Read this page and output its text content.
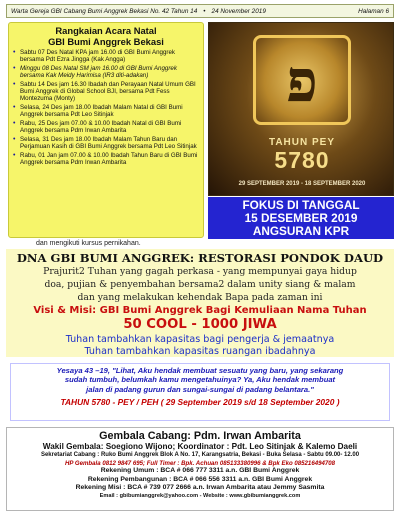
Warta Gereja GBI Cabang Bumi Anggrek Bekasi No. 42 Tahun 14 • 24 November 2019	Halaman 6
Rangkaian Acara Natal
GBI Bumi Anggrek Bekasi
• Sabtu 07 Des Natal KPA jam 16.00 di GBI Bumi Anggrek bersama Pdt Ezra Jingga (Kak Angga)
• Minggu 08 Des Natal SM jam 16.00 di GBI Bumi Anggrek bersama Kak Meidy Harimisa (IR3 diti-adakan)
• Sabtu 14 Des jam 16.30 Ibadah dan Perayaan Natal Umum GBI Bumi Anggrek di Global School BJI, bersama Pdt Fess Montezuma (Monty)
• Selasa, 24 Des jam 18.00 Ibadah Malam Natal di GBI Bumi Anggrek bersama Pdt Leo Sitinjak
• Rabu, 25 Des jam 07.00 & 10.00 Ibadah Natal di GBI Bumi Anggrek bersama Pdm Irwan Ambarita
• Selasa, 31 Des jam 18.00 Ibadah Malam Tahun Baru dan Perjamuan Kasih di GBI Bumi Anggrek bersama Pdt Leo Sitinjak
• Rabu, 01 Jan jam 07.00 & 10.00 Ibadah Tahun Baru di GBI Bumi Anggrek bersama Pdm Irwan Ambarita
פ
TAHUN PEY
5780
29 SEPTEMBER 2019 - 18 SEPTEMBER 2020
FOKUS DI TANGGAL
15 DESEMBER 2019
ANGSURAN KPR
dan mengikuti kursus pernikahan.
DNA GBI BUMI ANGGREK: RESTORASI PONDOK DAUD
Prajurit2 Tuhan yang gagah perkasa - yang mempunyai gaya hidup
doa, pujian & penyembahan bersama2 dalam unity siang & malam
dan yang melakukan kehendak Bapa pada zaman ini
Visi & Misi: GBI Bumi Anggrek Bagi Kemuliaan Nama Tuhan
50 COOL - 1000 JIWA
Tuhan tambahkan kapasitas bagi pengerja & jemaatnya
Tuhan tambahkan kapasitas ruangan ibadahnya
Yesaya 43 –19, "Lihat, Aku hendak membuat sesuatu yang baru, yang sekarang
sudah tumbuh, belumkah kamu mengetahuinya? Ya, Aku hendak membuat
jalan di padang gurun dan sungai-sungai di padang belantara."
TAHUN 5780 - PEY / PEH ( 29 September 2019 s/d 18 September 2020 )
Gembala Cabang: Pdm. Irwan Ambarita
Wakil Gembala: Soegiono Wijono; Koordinator : Pdt. Leo Sitinjak & Kalemo Daeli
Sekretariat Cabang : Ruko Bumi Anggrek Blok A No. 17, Karangsatria, Bekasi - Buka Selasa - Sabtu 09.00- 12.00
HP Gembala 0812 9847 695; Full Timer : Bpk. Achuan 085133380996 & Bpk Eko 085216494708
Rekening Umum : BCA # 066 777 3311 a.n. GBI Bumi Anggrek
Rekening Pembangunan : BCA # 066 556 3311 a.n. GBI Bumi Anggrek
Rekening Misi : BCA # 739 077 2666 a.n. Irwan Ambarita atau Jemmy Sasmita
Email : gbibumianggrek@yahoo.com - Website : www.gbibumianggrek.com
